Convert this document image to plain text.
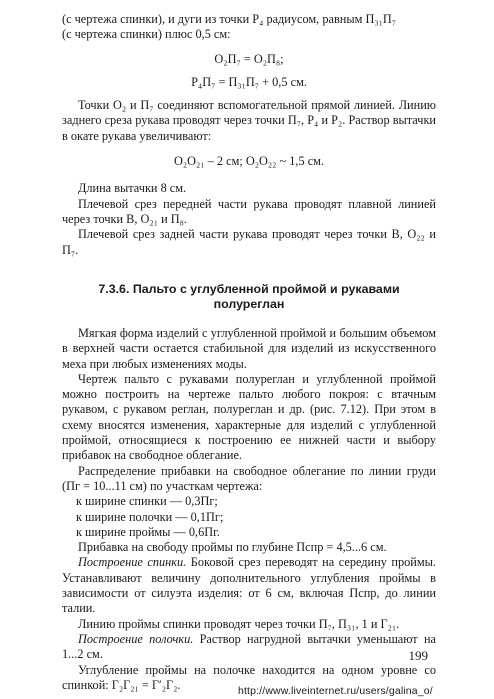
(с чертежа спинки), и дуги из точки P₄ радиусом, равным П₃₁П₇

(с чертежа спинки) плюс 0,5 см:

O₂П₇ = O₂П₈;

P₄П₇ = П₃₁П₇ + 0,5 см.

Точки O₂ и П₇ соединяют вспомогательной прямой линией. Линию заднего среза рукава проводят через точки П₇, P₄ и P₂. Раствор вытачки в окате рукава увеличивают:

O₂O₂₁ – 2 см; O₂O₂₂ ~ 1,5 см.

Длина вытачки 8 см.

Плечевой срез передней части рукава проводят плавной линией через точки B, O₂₁ и П₈.

Плечевой срез задней части рукава проводят через точки B, O₂₂ и П₇.

7.3.6. Пальто с углубленной проймой и рукавами

полуреглан

Мягкая форма изделий с углубленной проймой и большим объемом в верхней части остается стабильной для изделий из искусственного меха при любых изменениях моды.

Чертеж пальто с рукавами полуреглан и углубленной проймой можно построить на чертеже пальто любого покроя: с втачным рукавом, с рукавом реглан, полуреглан и др. (рис. 7.12). При этом в схему вносятся изменения, характерные для изделий с углубленной проймой, относящиеся к построению ее нижней части и выбору прибавок на свободное облегание.

Распределение прибавки на свободное облегание по линии груди (Пг = 10...11 см) по участкам чертежа:

к ширине спинки — 0,3Пг;

к ширине полочки — 0,1Пг;

к ширине проймы — 0,6Пг.

Прибавка на свободу проймы по глубине Пспр = 4,5...6 см.

Построение спинки. Боковой срез переводят на середину проймы. Устанавливают величину дополнительного углубления проймы в зависимости от силуэта изделия: от 6 см, включая Пспр, до линии талии.

Линию проймы спинки проводят через точки П₇, П₃₁, 1 и Г₂₁.

Построение полочки. Раствор нагрудной вытачки уменьшают на 1...2 см.

Углубление проймы на полочке находится на одном уровне со спинкой: Г₂Г₂₁ = Г′₂Г₂.

199
http://www.liveinternet.ru/users/galina_o/
